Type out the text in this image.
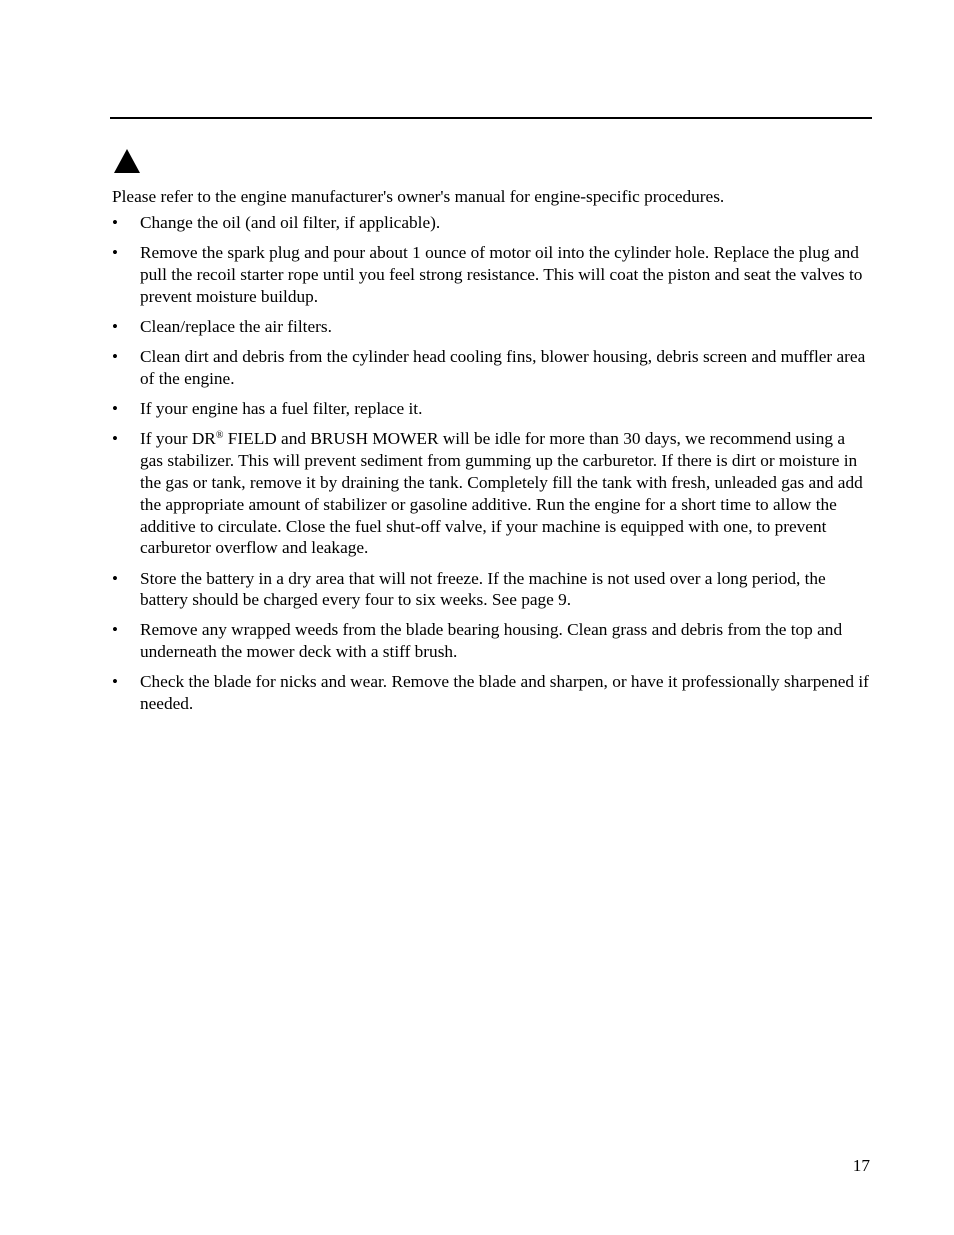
Please refer to the engine manufacturer's owner's manual for engine-specific procedures.

•	Change the oil (and oil filter, if applicable).
•	Remove the spark plug and pour about 1 ounce of motor oil into the cylinder hole. Replace the plug and pull the recoil starter rope until you feel strong resistance. This will coat the piston and seat the valves to prevent moisture buildup.
•	Clean/replace the air filters.
•	Clean dirt and debris from the cylinder head cooling fins, blower housing, debris screen and muffler area of the engine.
•	If your engine has a fuel filter, replace it.
•	If your DR® FIELD and BRUSH MOWER will be idle for more than 30 days, we recommend using a gas stabilizer. This will prevent sediment from gumming up the carburetor. If there is dirt or moisture in the gas or tank, remove it by draining the tank. Completely fill the tank with fresh, unleaded gas and add the appropriate amount of stabilizer or gasoline additive. Run the engine for a short time to allow the additive to circulate. Close the fuel shut-off valve, if your machine is equipped with one, to prevent carburetor overflow and leakage.
•	Store the battery in a dry area that will not freeze. If the machine is not used over a long period, the battery should be charged every four to six weeks. See page 9.
•	Remove any wrapped weeds from the blade bearing housing. Clean grass and debris from the top and underneath the mower deck with a stiff brush.
•	Check the blade for nicks and wear. Remove the blade and sharpen, or have it professionally sharpened if needed.
17
